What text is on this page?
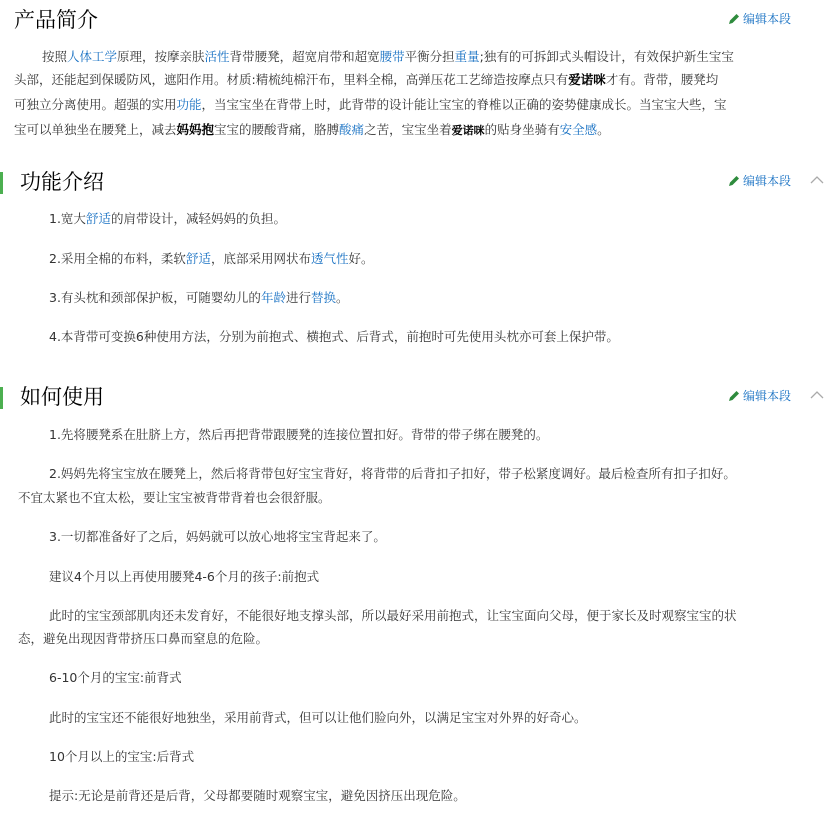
产品简介	编辑本段
按照人体工学原理，按摩亲肤活性背带腰凳，超宽肩带和超宽腰带平衡分担重量;独有的可拆卸式头帽设计，有效保护新生宝宝
头部，还能起到保暖防风，遮阳作用。材质:精梳纯棉汗布，里料全棉，高弹压花工艺缔造按摩点只有爱诺咪才有。背带，腰凳均
可独立分离使用。超强的实用功能，当宝宝坐在背带上时，此背带的设计能让宝宝的脊椎以正确的姿势健康成长。当宝宝大些，宝
宝可以单独坐在腰凳上，减去妈妈抱宝宝的腰酸背痛，胳膊酸痛之苦，宝宝坐着爱诺咪的贴身坐骑有安全感。
功能介绍	编辑本段
1.宽大舒适的肩带设计，减轻妈妈的负担。
2.采用全棉的布料，柔软舒适，底部采用网状布透气性好。
3.有头枕和颈部保护板，可随婴幼儿的年龄进行替换。
4.本背带可变换6种使用方法，分别为前抱式、横抱式、后背式，前抱时可先使用头枕亦可套上保护带。
如何使用	编辑本段
1.先将腰凳系在肚脐上方，然后再把背带跟腰凳的连接位置扣好。背带的带子绑在腰凳的。
2.妈妈先将宝宝放在腰凳上，然后将背带包好宝宝背好，将背带的后背扣子扣好，带子松紧度调好。最后检查所有扣子扣好。
不宜太紧也不宜太松，要让宝宝被背带背着也会很舒服。
3.一切都准备好了之后，妈妈就可以放心地将宝宝背起来了。
建议4个月以上再使用腰凳4-6个月的孩子:前抱式
此时的宝宝颈部肌肉还未发育好，不能很好地支撑头部，所以最好采用前抱式，让宝宝面向父母，便于家长及时观察宝宝的状
态，避免出现因背带挤压口鼻而窒息的危险。
6-10个月的宝宝:前背式
此时的宝宝还不能很好地独坐，采用前背式，但可以让他们脸向外，以满足宝宝对外界的好奇心。
10个月以上的宝宝:后背式
提示:无论是前背还是后背，父母都要随时观察宝宝，避免因挤压出现危险。
